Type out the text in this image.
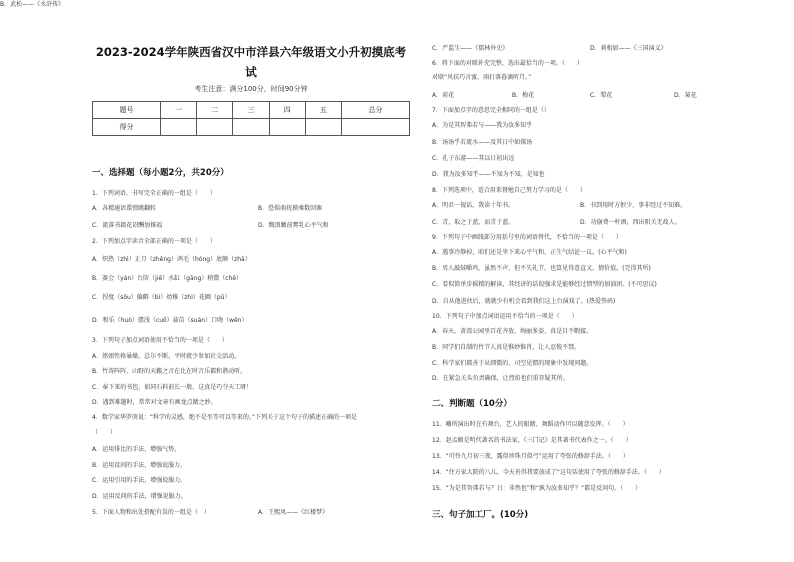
2023-2024学年陕西省汉中市洋县六年级语文小升初摸底考
试
考生注意：满分100分，时间90分钟
题号	一	二	三	四	五	总分
得分						
一、选择题（每小题2分，共20分）
1．下列词语，书写完全正确的一组是（　　）
A．各精通语谍弹跳翻转	B．恐惧萌抚摸乘数回寨
C．流落书籍花诏酬加推福	D．慨浪瞰前霄乳心平气和
2．下列加点字读音全部正确的一项是（　　）
A．炽热（zhì）正月（zhēng）鸿毛（hóng）底颇（zhā）
B．赛会（yán）台阶（jiē）水缸（gāng）稍微（chē）
C．捏度（sōu）偏僻（bì）幼稚（zhì）花圃（pǔ）
D．和乐（huò）摆浅（cuō）蒜苗（suàn）口吻（wěn）
3．下列句子加点词语使用不恰当的一项是（　　）
A．姐姐性格暴燥，总尔不断，平时就少参加社交活动。
B．竹涛阵阵，山野的天籁之音在比在时音乐都和谐动听。
C．奉下来的书包，如同石料前长一般，这真是巧夺天工呀！
D．遇到难题时，常常对文章有画龙点睛之妙。
4．数学家华罗庚说：“科学的灵感，绝不是坐等可以等来的。”下列关于这个句子的描述正确的一项是
（　　）
A．运用排比的手法，增强气势。
B．运用设问的手法，增强说服力。
C．运用引用的手法，增强说服力。
D．运用反问的手法，增强说服力。
5．下面人物和出处搭配有误的一组是（　）	A．王熙凤——《红楼梦》
B．武松——《水浒传》
C．严监生——《儒林外史》	D．莉相如——《三国演义》
6．将下面的对联补充完整，选出最恰当的一项。（　　）
对联“风扶巧言蜜，雨打落暮滴听月。”
A．荷花	B．梅花	C．梨花	D．菊花
7．下面加点字的意思完全相同的一组是（）
A．为是其智弗若与——我为汝多知乎
B．汤汤乎若流水——及其日中如探汤
C．孔子东游——其以日初出远
D．我为汝多知乎——不知为不知，是知也
8．下列选项中，适合用来督勉自己努力学习的是（　　）
A．明君一视话，我读十年书。	B．书到用时方恨少，事非经过不知难。
C．青，取之于蓝，而青于蓝。	D．功崩费一杆酒，西出阳关无故人。
9．下列句子中画线部分用括号里的词语替代，不恰当的一项是（　　）
A．遇事冷静掉，咱们还是坐下来心平气和，正生气结论一议。(心平气和)
B．男人敲鼓嚼鸡，虽然不声，但不失礼节，也算见得意直又，情价值。(完得其所)
C．看似简单步摇精的解读，其经济的话很强求是能够经过情型的加油团。(不可思议)
D．自从他进伙后，就就少有机会看到我们这上台演戏了。(热爱签码)
10．下列句子中加点词语运用不恰当的一项是（　　）
A．春天，黄湾公园里百花齐放，绚丽多姿，真是目不暇接。
B．同学们自制的竹节人真是惟妙惟肖，让人忍俊不禁。
C．科学家们都善于从细微的、司空见惯的现象中发现问题。
D．在紧急关头负责确保，让烈焰也们重存疑其所。
11．雕所演出时在有舞台，艺人的眼睛、舞蹈动作可以随意发挥。（　　）
12．赵孟頫是明代著名的书法家，《三门记》是其著书代表作之一。（　　）
13．“可怜九月初三夜，露似珍珠月似弓”运用了夸张的修辞手法。（　　）
14．“住方家大院的八儿，今天善得我要放成了”这句话使用了夸张的修辞手法。（　　）
15．“为是其智弗若与？日：非然也”和“孰为汝多知乎？”都是反问句。（　　）
二、判断题（10分）
三、句子加工厂。(10分)
